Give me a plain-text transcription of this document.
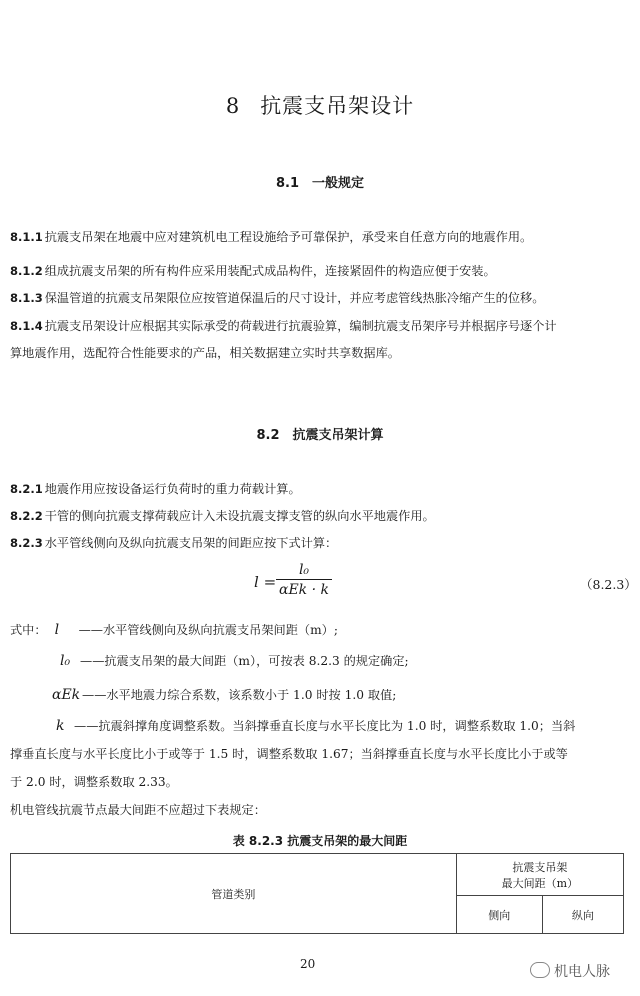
8 抗震支吊架设计
8.1　一般规定
8.1.1 抗震支吊架在地震中应对建筑机电工程设施给予可靠保护，承受来自任意方向的地震作用。
8.1.2 组成抗震支吊架的所有构件应采用装配式成品构件，连接紧固件的构造应便于安装。
8.1.3 保温管道的抗震支吊架限位应按管道保温后的尺寸设计，并应考虑管线热胀冷缩产生的位移。
8.1.4 抗震支吊架设计应根据其实际承受的荷载进行抗震验算，编制抗震支吊架序号并根据序号逐个计
算地震作用，选配符合性能要求的产品，相关数据建立实时共享数据库。
8.2　抗震支吊架计算
8.2.1 地震作用应按设备运行负荷时的重力荷载计算。
8.2.2 干管的侧向抗震支撑荷载应计入未设抗震支撑支管的纵向水平地震作用。
8.2.3 水平管线侧向及纵向抗震支吊架的间距应按下式计算：
$l = \frac{\text{l₀}}{\text{αEk · k}}$	（8.2.3）
式中： l ——水平管线侧向及纵向抗震支吊架间距（m）;
l₀ ——抗震支吊架的最大间距（m），可按表 8.2.3 的规定确定;
αEk ——水平地震力综合系数，该系数小于 1.0 时按 1.0 取值;
k ——抗震斜撑角度调整系数。当斜撑垂直长度与水平长度比为 1.0 时，调整系数取 1.0；当斜
撑垂直长度与水平长度比小于或等于 1.5 时，调整系数取 1.67；当斜撑垂直长度与水平长度比小于或等
于 2.0 时，调整系数取 2.33。
机电管线抗震节点最大间距不应超过下表规定：
表 8.2.3 抗震支吊架的最大间距
管道类别	抗震支吊架
最大间距（m）	

	侧向	纵向
20	机电人脉
